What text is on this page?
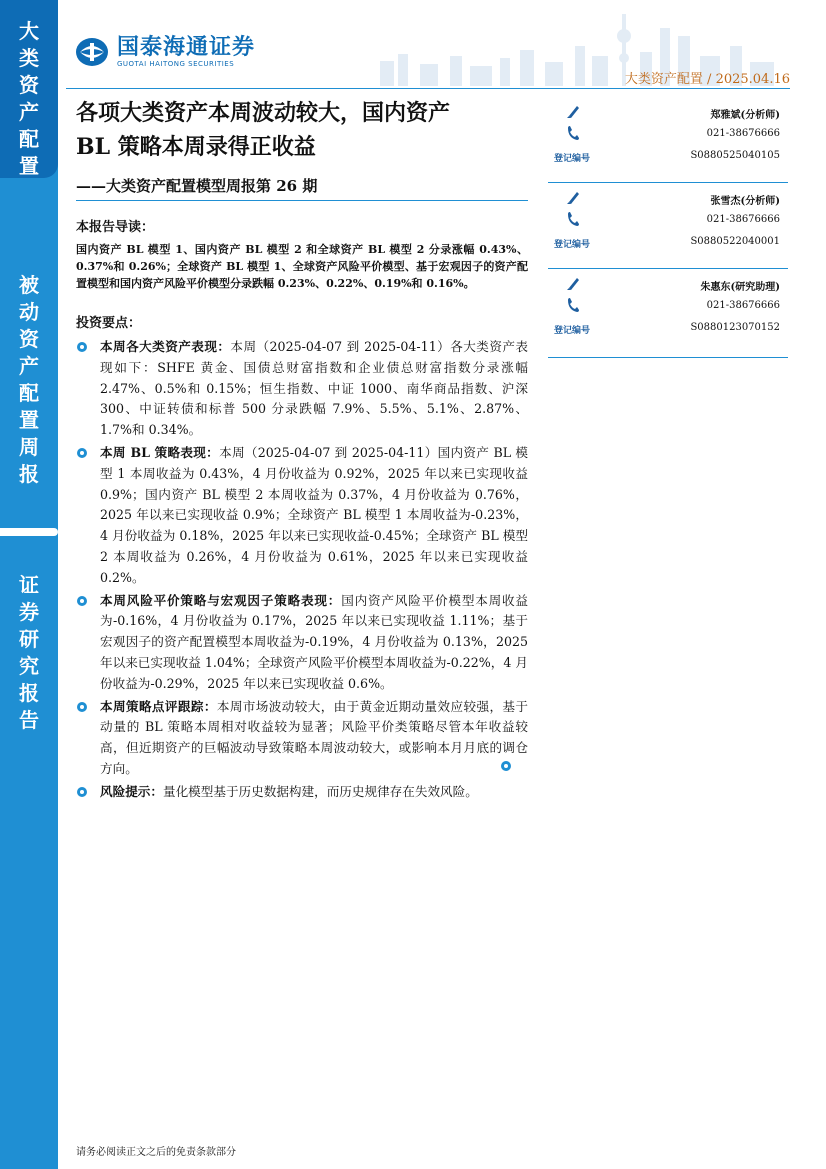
大
类
资
产
配
置
被
动
资
产
配
置
周
报
证
券
研
究
报
告
国泰海通证券
GUOTAI HAITONG SECURITIES
大类资产配置 / 2025.04.16
各项大类资产本周波动较大，国内资产
BL 策略本周录得正收益
——大类资产配置模型周报第 26 期
本报告导读：
国内资产 BL 模型 1、国内资产 BL 模型 2 和全球资产 BL 模型 2 分录涨幅 0.43%、0.37%和 0.26%；全球资产 BL 模型 1、全球资产风险平价模型、基于宏观因子的资产配置模型和国内资产风险平价模型分录跌幅 0.23%、0.22%、0.19%和 0.16%。
投资要点：
本周各大类资产表现：本周（2025-04-07 到 2025-04-11）各大类资产表现如下：SHFE 黄金、国债总财富指数和企业债总财富指数分录涨幅 2.47%、0.5%和 0.15%；恒生指数、中证 1000、南华商品指数、沪深 300、中证转债和标普 500 分录跌幅 7.9%、5.5%、5.1%、2.87%、1.7%和 0.34%。
本周 BL 策略表现：本周（2025-04-07 到 2025-04-11）国内资产 BL 模型 1 本周收益为 0.43%，4 月份收益为 0.92%，2025 年以来已实现收益 0.9%；国内资产 BL 模型 2 本周收益为 0.37%，4 月份收益为 0.76%，2025 年以来已实现收益 0.9%；全球资产 BL 模型 1 本周收益为-0.23%，4 月份收益为 0.18%，2025 年以来已实现收益-0.45%；全球资产 BL 模型 2 本周收益为 0.26%，4 月份收益为 0.61%，2025 年以来已实现收益 0.2%。
本周风险平价策略与宏观因子策略表现：国内资产风险平价模型本周收益为-0.16%，4 月份收益为 0.17%，2025 年以来已实现收益 1.11%；基于宏观因子的资产配置模型本周收益为-0.19%，4 月份收益为 0.13%，2025 年以来已实现收益 1.04%；全球资产风险平价模型本周收益为-0.22%，4 月份收益为-0.29%，2025 年以来已实现收益 0.6%。
本周策略点评跟踪：本周市场波动较大，由于黄金近期动量效应较强，基于动量的 BL 策略本周相对收益较为显著；风险平价类策略尽管本年收益较高，但近期资产的巨幅波动导致策略本周波动较大，或影响本月月底的调仓方向。
风险提示：量化模型基于历史数据构建，而历史规律存在失效风险。
郑雅斌(分析师)
021-38676666
登记编号	S0880525040105
张雪杰(分析师)
021-38676666
登记编号	S0880522040001
朱惠东(研究助理)
021-38676666
登记编号	S0880123070152
请务必阅读正文之后的免责条款部分
